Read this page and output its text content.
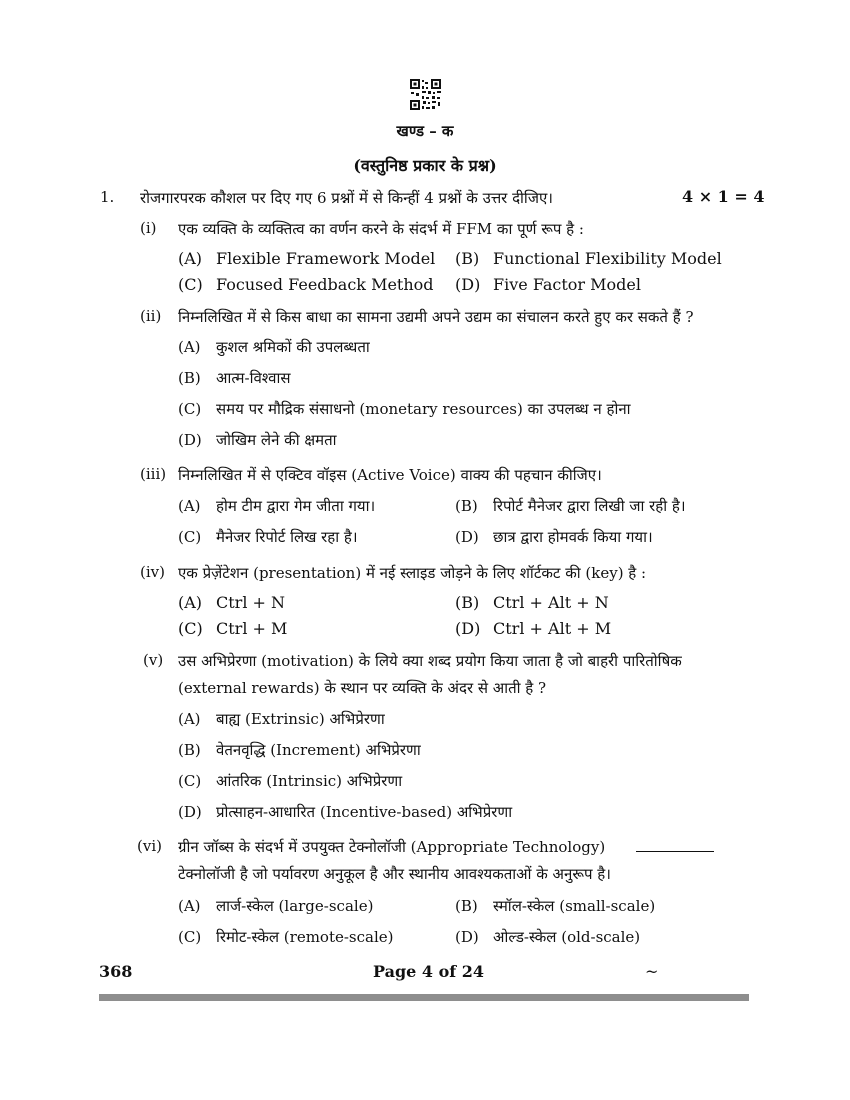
खण्ड – क
(वस्तुनिष्ठ प्रकार के प्रश्न)
1. रोजगारपरक कौशल पर दिए गए 6 प्रश्नों में से किन्हीं 4 प्रश्नों के उत्तर दीजिए।	4 × 1 = 4
(i) एक व्यक्ति के व्यक्तित्व का वर्णन करने के संदर्भ में FFM का पूर्ण रूप है :
(A) Flexible Framework Model (B) Functional Flexibility Model
(C) Focused Feedback Method (D) Five Factor Model
(ii) निम्नलिखित में से किस बाधा का सामना उद्यमी अपने उद्यम का संचालन करते हुए कर सकते हैं ?
(A) कुशल श्रमिकों की उपलब्धता
(B) आत्म-विश्वास
(C) समय पर मौद्रिक संसाधनो (monetary resources) का उपलब्ध न होना
(D) जोखिम लेने की क्षमता
(iii) निम्नलिखित में से एक्टिव वॉइस (Active Voice) वाक्य की पहचान कीजिए।
(A) होम टीम द्वारा गेम जीता गया।	(B) रिपोर्ट मैनेजर द्वारा लिखी जा रही है।
(C) मैनेजर रिपोर्ट लिख रहा है।	(D) छात्र द्वारा होमवर्क किया गया।
(iv) एक प्रेज़ेंटेशन (presentation) में नई स्लाइड जोड़ने के लिए शॉर्टकट की (key) है :
(A) Ctrl + N	(B) Ctrl + Alt + N
(C) Ctrl + M	(D) Ctrl + Alt + M
(v) उस अभिप्रेरणा (motivation) के लिये क्या शब्द प्रयोग किया जाता है जो बाहरी पारितोषिक
(external rewards) के स्थान पर व्यक्ति के अंदर से आती है ?
(A) बाह्य (Extrinsic) अभिप्रेरणा
(B) वेतनवृद्धि (Increment) अभिप्रेरणा
(C) आंतरिक (Intrinsic) अभिप्रेरणा
(D) प्रोत्साहन-आधारित (Incentive-based) अभिप्रेरणा
(vi) ग्रीन जॉब्स के संदर्भ में उपयुक्त टेक्नोलॉजी (Appropriate Technology)
टेक्नोलॉजी है जो पर्यावरण अनुकूल है और स्थानीय आवश्यकताओं के अनुरूप है।
(A) लार्ज-स्केल (large-scale)	(B) स्मॉल-स्केल (small-scale)
(C) रिमोट-स्केल (remote-scale)	(D) ओल्ड-स्केल (old-scale)
368	Page 4 of 24	~
